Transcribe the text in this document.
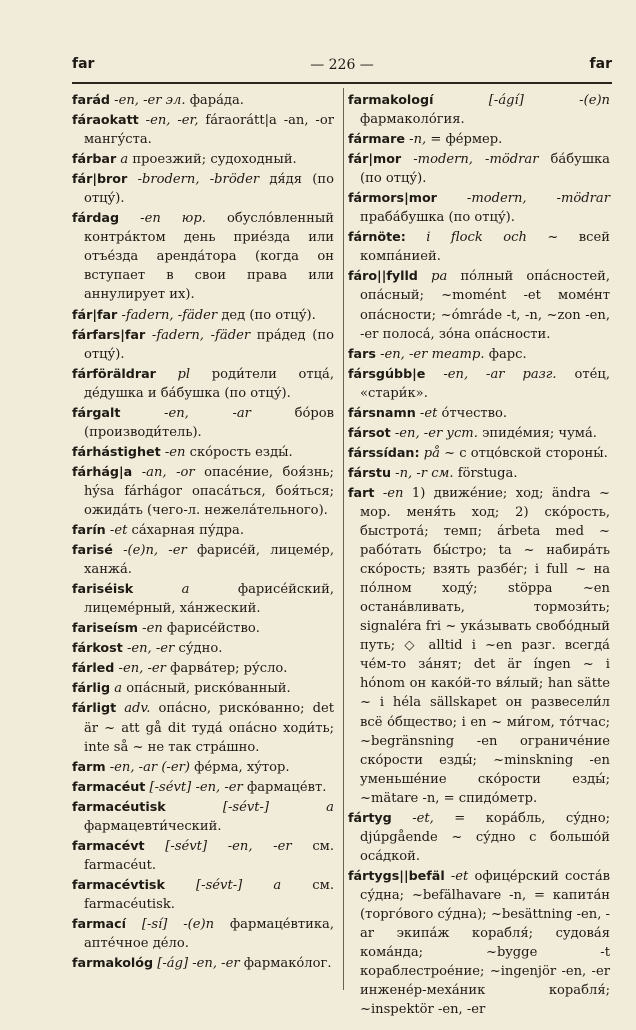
far	— 226 —	far

farád -en, -er эл. фара́да.

fáraokatt -en, -er, fáraorátt|a -an, -or мангу́ста.

fárbar a проезжий; судоходный.

fár|bror -brodern, -bröder дя́дя (по отцу́).

fárdag -en юр. обусло́вленный контра́ктом день прие́зда или отъе́зда аренда́тора (когда он вступает в свои права или аннулирует их).

fár|far -fadern, -fäder дед (по отцу́).

fárfars|far -fadern, -fäder пра́дед (по отцу́).

fárföräldrar pl роди́тели отца́, де́душка и ба́бушка (по отцу́).

fárgalt	-en, -ar	бо́ров (производи́тель).

fárhástighet -en ско́рость езды́.

fárhág|a -an, -or опасе́ние, боя́знь; hýsa fárhágor опаса́ться, боя́ться; ожида́ть (чего-л. нежела́тельного).

farín -et са́харная пу́дра.

farisé -(e)n, -er фарисе́й, лицеме́р, ханжа́.

fariséisk	a	фарисе́йский, лицеме́рный, ха́нжеский.

fariseísm -en фарисе́йство.

fárkost -en, -er су́дно.

fárled -en, -er фарва́тер; ру́сло.

fárlig a опа́сный, риско́ванный.

fárligt adv. опа́сно, риско́ванно; det är ~ att gå dit туда́ опа́сно ходи́ть; inte så ~ не так стра́шно.

farm -en, -ar (-er) фе́рма, ху́тор.

farmacéut [-sévt] -en, -er фармаце́вт.

farmacéutisk	[-sévt-] a фармацевти́ческий.

farmacévt [-sévt] -en, -er см. farmacéut.

farmacévtisk [-sévt-] a см. farmacéutisk.

farmací [-sí] -(e)n фармаце́втика, апте́чное де́ло.

farmakológ [-ág] -en, -er фармако́лог.

farmakologí	[-ágí] -(e)n фармаколо́гия.

fármare -n, = фе́рмер.

fár|mor -modern, -mödrar ба́бушка (по отцу́).

fármors|mor -modern, -mödrar праба́бушка (по отцу́).

fárnöte: i flock och ~ всей компа́нией.

fáro||fylld pa по́лный опа́сностей, опа́сный; ~momént -et моме́нт опа́сности; ~ómráde -t, -n, ~zon -en, -er полоса́, зо́на опа́сности.

fars -en, -er театр. фарс.

fársgúbb|e -en, -ar разг. оте́ц, «стари́к».

fársnamn -et о́тчество.

fársot -en, -er уст. эпиде́мия; чума́.

fárssídan: på ~ с отцо́вской стороны́.

fárstu -n, -r см. förstuga.

fart -en 1) движе́ние; ход; ändra ~ мор. меня́ть ход; 2) ско́рость, быстрота́; темп; árbeta med ~ рабо́тать бы́стро; ta ~ набира́ть ско́рость; взять разбе́г; i full ~ на по́лном ходу́; stöppa ~en остана́вливать, тормози́ть; signaléra fri ~ ука́зывать свобо́дный путь; ◇ alltid i ~en разг. всегда́ че́м-то за́нят; det är íngen ~ i hónom он како́й-то вя́лый; han sätte ~ i héla sällskapet он развесели́л всё о́бщество; i en ~ ми́гом, то́тчас; ~begränsning -en ограниче́ние ско́рости езды́; ~minskning -en уменьше́ние ско́рости езды́; ~mätare -n, = спидо́метр.

fártyg -et, = кора́бль, су́дно; djúpgående ~ су́дно с большо́й оса́дкой.

fártygs||befäl -et офице́рский соста́в су́дна; ~befälhavare -n, = капита́н (торго́вого су́дна); ~besättning -en, -ar экипа́ж корабля́; судова́я кома́нда; ~bygge -t кораблестрое́ние; ~ingenjör -en, -er инжене́р-меха́ник корабля́; ~inspektör -en, -er
